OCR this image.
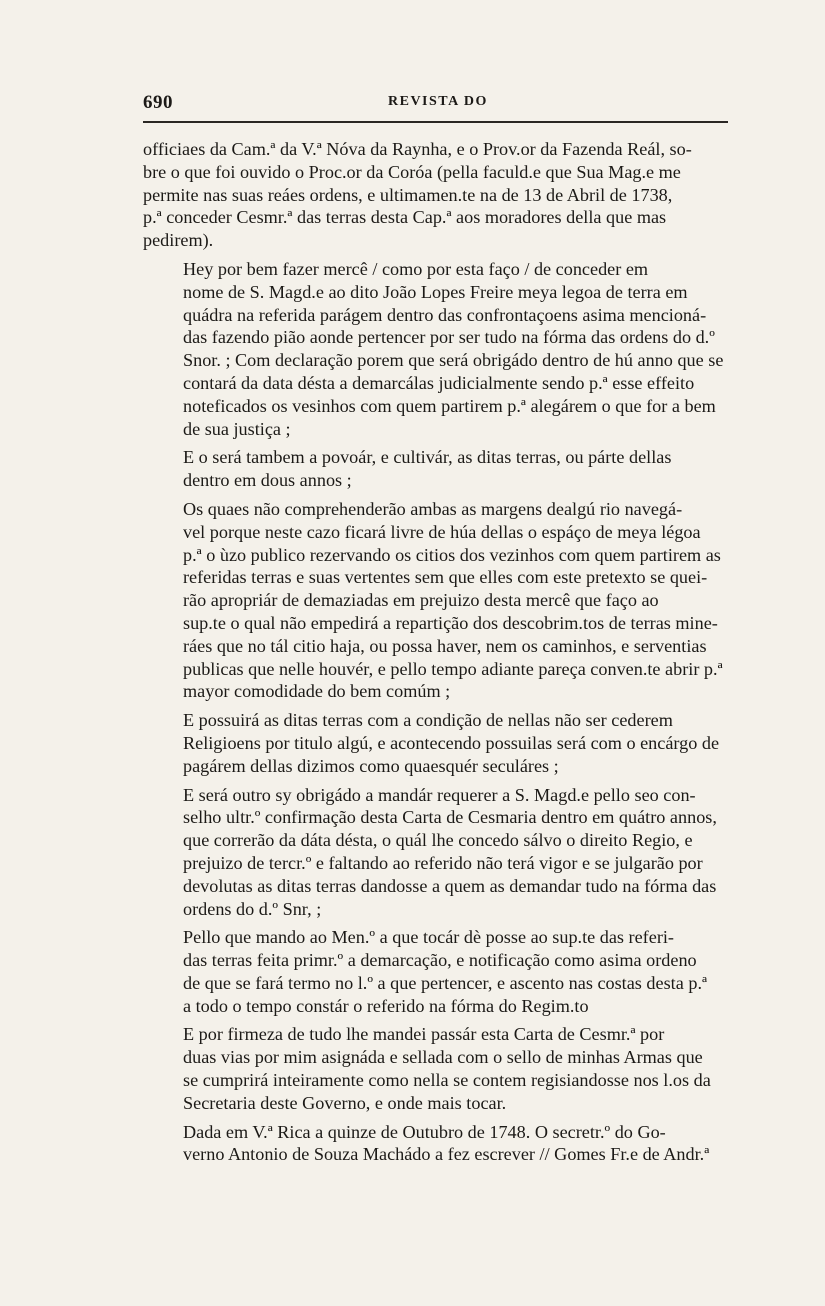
690	REVISTA DO

officiaes da Cam.ª da V.ª Nóva da Raynha, e o Prov.or da Fazenda Reál, so-
bre o que foi ouvido o Proc.or da Coróa (pella faculd.e que Sua Mag.e me
permite nas suas reáes ordens, e ultimamen.te na de 13 de Abril de 1738,
p.ª conceder Cesmr.ª das terras desta Cap.ª aos moradores della que mas
pedirem).

Hey por bem fazer mercê / como por esta faço / de conceder em
nome de S. Magd.e ao dito João Lopes Freire meya legoa de terra em
quádra na referida parágem dentro das confrontaçoens asima mencioná-
das fazendo pião aonde pertencer por ser tudo na fórma das ordens do d.º
Snor. ; Com declaração porem que será obrigádo dentro de hú anno que se
contará da data désta a demarcálas judicialmente sendo p.ª esse effeito
noteficados os vesinhos com quem partirem p.ª alegárem o que for a bem
de sua justiça ;

E o será tambem a povoár, e cultivár, as ditas terras, ou párte dellas
dentro em dous annos ;

Os quaes não comprehenderão ambas as margens dealgú rio navegá-
vel porque neste cazo ficará livre de húa dellas o espáço de meya légoa
p.ª o ùzo publico rezervando os citios dos vezinhos com quem partirem as
referidas terras e suas vertentes sem que elles com este pretexto se quei-
rão apropriár de demaziadas em prejuizo desta mercê que faço ao
sup.te o qual não empedirá a repartição dos descobrim.tos de terras mine-
ráes que no tál citio haja, ou possa haver, nem os caminhos, e serventias
publicas que nelle houvér, e pello tempo adiante pareça conven.te abrir p.ª
mayor comodidade do bem comúm ;

E possuirá as ditas terras com a condição de nellas não ser cederem
Religioens por titulo algú, e acontecendo possuilas será com o encárgo de
pagárem dellas dizimos como quaesquér seculáres ;

E será outro sy obrigádo a mandár requerer a S. Magd.e pello seo con-
selho ultr.º confirmação desta Carta de Cesmaria dentro em quátro annos,
que correrão da dáta désta, o quál lhe concedo sálvo o direito Regio, e
prejuizo de tercr.º e faltando ao referido não terá vigor e se julgarão por
devolutas as ditas terras dandosse a quem as demandar tudo na fórma das
ordens do d.º Snr, ;

Pello que mando ao Men.º a que tocár dè posse ao sup.te das referi-
das terras feita primr.º a demarcação, e notificação como asima ordeno
de que se fará termo no l.º a que pertencer, e ascento nas costas desta p.ª
a todo o tempo constár o referido na fórma do Regim.to

E por firmeza de tudo lhe mandei passár esta Carta de Cesmr.ª por
duas vias por mim asignáda e sellada com o sello de minhas Armas que
se cumprirá inteiramente como nella se contem regisiandosse nos l.os da
Secretaria deste Governo, e onde mais tocar.

Dada em V.ª Rica a quinze de Outubro de 1748. O secretr.º do Go-
verno Antonio de Souza Machádo a fez escrever // Gomes Fr.e de Andr.ª
